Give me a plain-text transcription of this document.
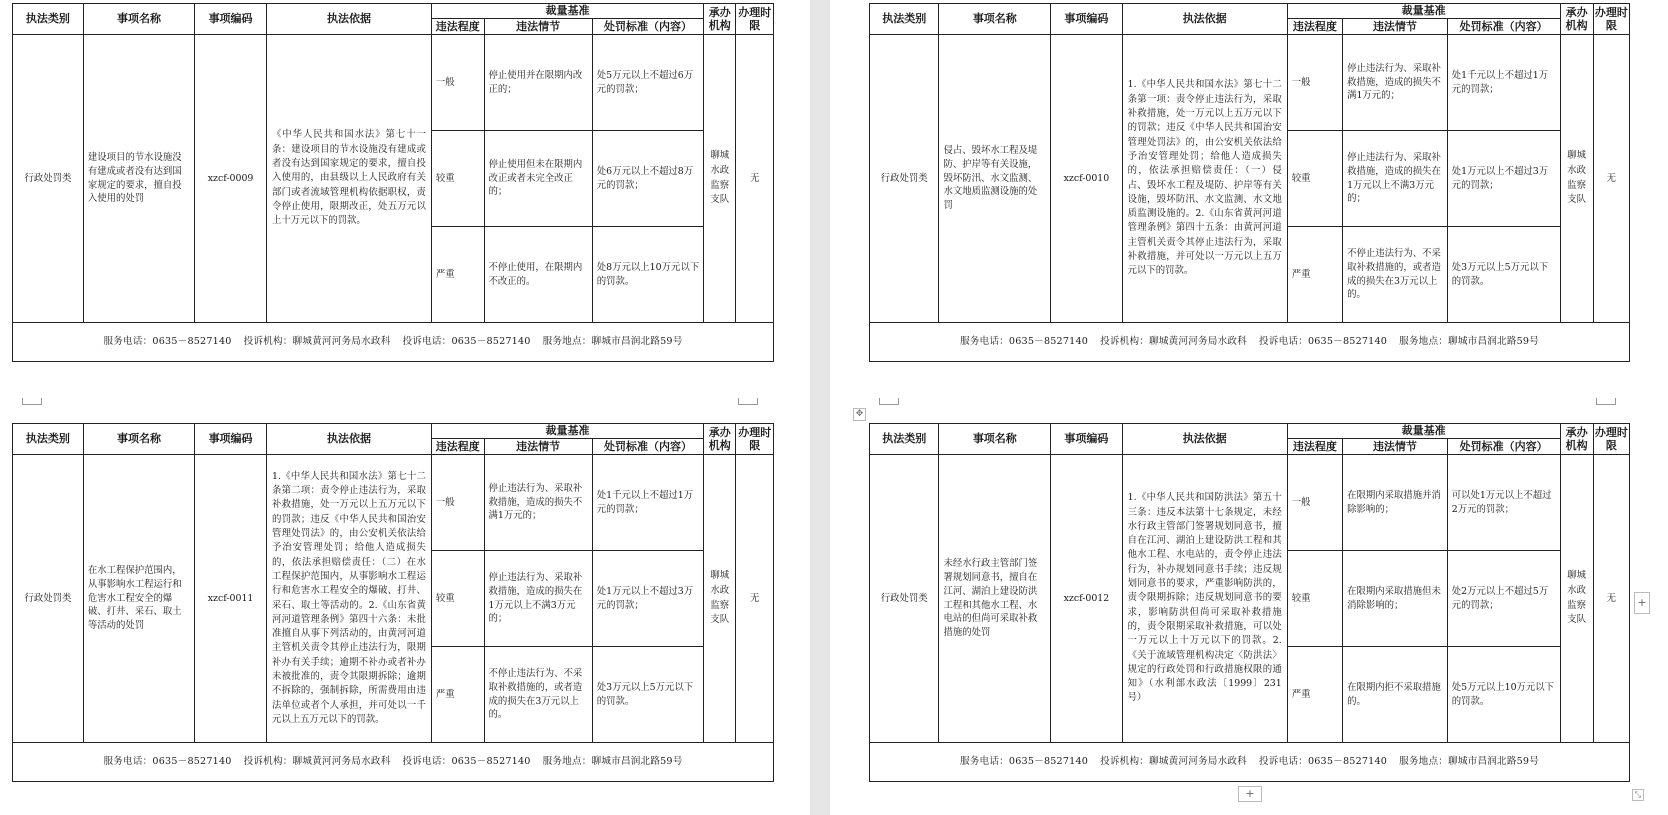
执法类别	事项名称	事项编码	执法依据	裁量基准			承办机构	办理时限
				违法程度	违法情节	处罚标准（内容）		
行政处罚类	建设项目的节水设施没有建成或者没有达到国家规定的要求，擅自投入使用的处罚	xzcf-0009	《中华人民共和国水法》第七十一条：建设项目的节水设施没有建成或者没有达到国家规定的要求，擅自投入使用的，由县级以上人民政府有关部门或者流域管理机构依据职权，责令停止使用，限期改正，处五万元以上十万元以下的罚款。	一般	停止使用并在限期内改正的；	处5万元以上不超过6万元的罚款；	聊城水政监察支队	无
				较重	停止使用但未在限期内改正或者未完全改正的；	处6万元以上不超过8万元的罚款；		
				严重	不停止使用，在限期内不改正的。	处8万元以上10万元以下的罚款。		
服务电话：0635－8527140 投诉机构：聊城黄河河务局水政科 投诉电话：0635－8527140 服务地点：聊城市昌润北路59号								
执法类别	事项名称	事项编码	执法依据	裁量基准			承办机构	办理时限
				违法程度	违法情节	处罚标准（内容）		
行政处罚类	侵占、毁坏水工程及堤防、护岸等有关设施，毁坏防汛、水文监测、水文地质监测设施的处罚	xzcf-0010	1.《中华人民共和国水法》第七十二条第一项：责令停止违法行为，采取补救措施，处一万元以上五万元以下的罚款；违反《中华人民共和国治安管理处罚法》的，由公安机关依法给予治安管理处罚；给他人造成损失的，依法承担赔偿责任：（一）侵占、毁坏水工程及堤防、护岸等有关设施，毁坏防汛、水文监测、水文地质监测设施的。2.《山东省黄河河道管理条例》第四十五条：由黄河河道主管机关责令其停止违法行为，采取补救措施，并可处以一万元以上五万元以下的罚款。	一般	停止违法行为、采取补救措施，造成的损失不满1万元的；	处1千元以上不超过1万元的罚款；	聊城水政监察支队	无
				较重	停止违法行为、采取补救措施，造成的损失在1万元以上不满3万元的；	处1万元以上不超过3万元的罚款；		
				严重	不停止违法行为、不采取补救措施的，或者造成的损失在3万元以上的。	处3万元以上5万元以下的罚款。		
服务电话：0635－8527140 投诉机构：聊城黄河河务局水政科 投诉电话：0635－8527140 服务地点：聊城市昌润北路59号								
✥
执法类别	事项名称	事项编码	执法依据	裁量基准			承办机构	办理时限
				违法程度	违法情节	处罚标准（内容）		
行政处罚类	在水工程保护范围内，从事影响水工程运行和危害水工程安全的爆破、打井、采石、取土等活动的处罚	xzcf-0011	1.《中华人民共和国水法》第七十二条第二项：责令停止违法行为，采取补救措施，处一万元以上五万元以下的罚款；违反《中华人民共和国治安管理处罚法》的，由公安机关依法给予治安管理处罚；给他人造成损失的，依法承担赔偿责任：（二）在水工程保护范围内，从事影响水工程运行和危害水工程安全的爆破、打井、采石、取土等活动的。2.《山东省黄河河道管理条例》第四十六条：未批准擅自从事下列活动的，由黄河河道主管机关责令其停止违法行为，限期补办有关手续；逾期不补办或者补办未被批准的，责令其限期拆除；逾期不拆除的，强制拆除，所需费用由违法单位或者个人承担，并可处以一千元以上五万元以下的罚款。	一般	停止违法行为、采取补救措施，造成的损失不满1万元的；	处1千元以上不超过1万元的罚款；	聊城水政监察支队	无
				较重	停止违法行为、采取补救措施，造成的损失在1万元以上不满3万元的；	处1万元以上不超过3万元的罚款；		
				严重	不停止违法行为、不采取补救措施的，或者造成的损失在3万元以上的。	处3万元以上5万元以下的罚款。		
服务电话：0635－8527140 投诉机构：聊城黄河河务局水政科 投诉电话：0635－8527140 服务地点：聊城市昌润北路59号								
执法类别	事项名称	事项编码	执法依据	裁量基准			承办机构	办理时限
				违法程度	违法情节	处罚标准（内容）		
行政处罚类	未经水行政主管部门签署规划同意书，擅自在江河、湖泊上建设防洪工程和其他水工程、水电站的但尚可采取补救措施的处罚	xzcf-0012	1.《中华人民共和国防洪法》第五十三条：违反本法第十七条规定，未经水行政主管部门签署规划同意书，擅自在江河、湖泊上建设防洪工程和其他水工程、水电站的，责令停止违法行为，补办规划同意书手续；违反规划同意书的要求，严重影响防洪的，责令限期拆除；违反规划同意书的要求，影响防洪但尚可采取补救措施的，责令限期采取补救措施，可以处一万元以上十万元以下的罚款。2.《关于流域管理机构决定〈防洪法〉规定的行政处罚和行政措施权限的通知》（水利部水政法〔1999〕231号）	一般	在限期内采取措施并消除影响的；	可以处1万元以上不超过2万元的罚款；	聊城水政监察支队	无
				较重	在限期内采取措施但未消除影响的；	处2万元以上不超过5万元的罚款；		
				严重	在限期内拒不采取措施的。	处5万元以上10万元以下的罚款。		
服务电话：0635－8527140 投诉机构：聊城黄河河务局水政科 投诉电话：0635－8527140 服务地点：聊城市昌润北路59号								
+
+	⤡
